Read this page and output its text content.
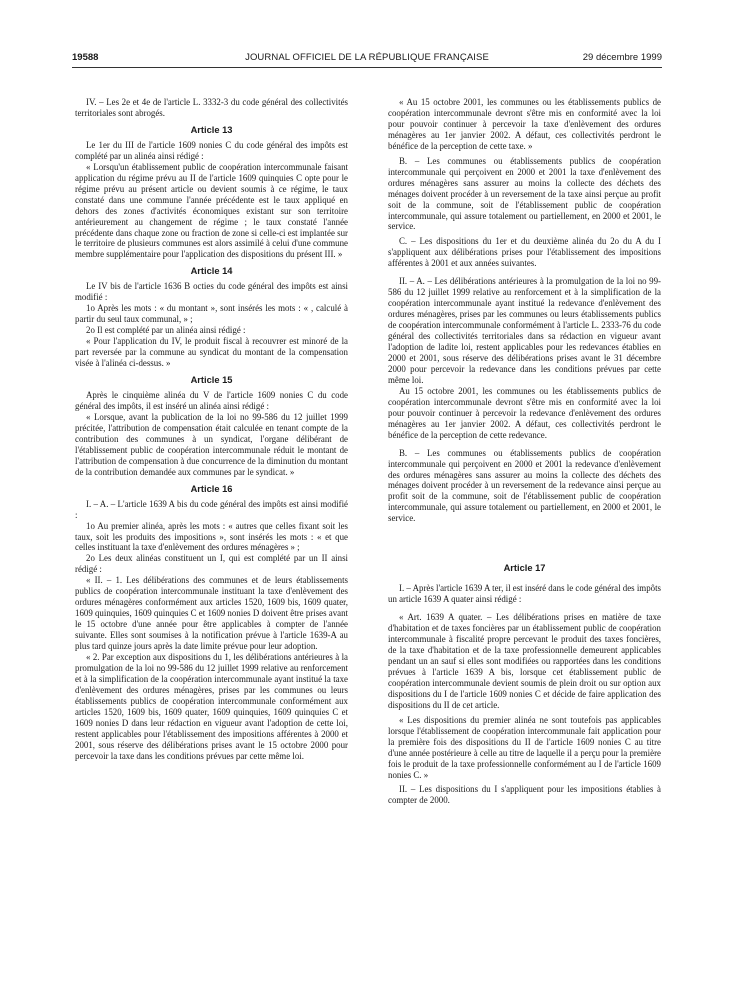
19588	JOURNAL OFFICIEL DE LA RÉPUBLIQUE FRANÇAISE	29 décembre 1999

IV. – Les 2e et 4e de l'article L. 3332-3 du code général des collectivités territoriales sont abrogés.

Article 13

Le 1er du III de l'article 1609 nonies C du code général des impôts est complété par un alinéa ainsi rédigé :

« Lorsqu'un établissement public de coopération intercommunale faisant application du régime prévu au II de l'article 1609 quinquies C opte pour le régime prévu au présent article ou devient soumis à ce régime, le taux constaté dans une commune l'année précédente est le taux appliqué en dehors des zones d'activités économiques existant sur son territoire antérieurement au changement de régime ; le taux constaté l'année précédente dans chaque zone ou fraction de zone si celle-ci est implantée sur le territoire de plusieurs communes est alors assimilé à celui d'une commune membre supplémentaire pour l'application des dispositions du présent III. »

Article 14

Le IV bis de l'article 1636 B octies du code général des impôts est ainsi modifié :

1o Après les mots : « du montant », sont insérés les mots : « , calculé à partir du seul taux communal, » ;

2o Il est complété par un alinéa ainsi rédigé :

« Pour l'application du IV, le produit fiscal à recouvrer est minoré de la part reversée par la commune au syndicat du montant de la compensation visée à l'alinéa ci-dessus. »

Article 15

Après le cinquième alinéa du V de l'article 1609 nonies C du code général des impôts, il est inséré un alinéa ainsi rédigé :

« Lorsque, avant la publication de la loi no 99-586 du 12 juillet 1999 précitée, l'attribution de compensation était calculée en tenant compte de la contribution des communes à un syndicat, l'organe délibérant de l'établissement public de coopération intercommunale réduit le montant de l'attribution de compensation à due concurrence de la diminution du montant de la contribution demandée aux communes par le syndicat. »

Article 16

I. – A. – L'article 1639 A bis du code général des impôts est ainsi modifié :

1o Au premier alinéa, après les mots : « autres que celles fixant soit les taux, soit les produits des impositions », sont insérés les mots : « et que celles instituant la taxe d'enlèvement des ordures ménagères » ;

2o Les deux alinéas constituent un I, qui est complété par un II ainsi rédigé :

« II. – 1. Les délibérations des communes et de leurs établissements publics de coopération intercommunale instituant la taxe d'enlèvement des ordures ménagères conformément aux articles 1520, 1609 bis, 1609 quater, 1609 quinquies, 1609 quinquies C et 1609 nonies D doivent être prises avant le 15 octobre d'une année pour être applicables à compter de l'année suivante. Elles sont soumises à la notification prévue à l'article 1639-A au plus tard quinze jours après la date limite prévue pour leur adoption.

« 2. Par exception aux dispositions du 1, les délibérations antérieures à la promulgation de la loi no 99-586 du 12 juillet 1999 relative au renforcement et à la simplification de la coopération intercommunale ayant institué la taxe d'enlèvement des ordures ménagères, prises par les communes ou leurs établissements publics de coopération intercommunale conformément aux articles 1520, 1609 bis, 1609 quater, 1609 quinquies, 1609 quinquies C et 1609 nonies D dans leur rédaction en vigueur avant l'adoption de cette loi, restent applicables pour l'établissement des impositions afférentes à 2000 et 2001, sous réserve des délibérations prises avant le 15 octobre 2000 pour percevoir la taxe dans les conditions prévues par cette même loi.

« Au 15 octobre 2001, les communes ou les établissements publics de coopération intercommunale devront s'être mis en conformité avec la loi pour pouvoir continuer à percevoir la taxe d'enlèvement des ordures ménagères au 1er janvier 2002. A défaut, ces collectivités perdront le bénéfice de la perception de cette taxe. »

B. – Les communes ou établissements publics de coopération intercommunale qui perçoivent en 2000 et 2001 la taxe d'enlèvement des ordures ménagères sans assurer au moins la collecte des déchets des ménages doivent procéder à un reversement de la taxe ainsi perçue au profit soit de la commune, soit de l'établissement public de coopération intercommunale, qui assure totalement ou partiellement, en 2000 et 2001, le service.

C. – Les dispositions du 1er et du deuxième alinéa du 2o du A du I s'appliquent aux délibérations prises pour l'établissement des impositions afférentes à 2001 et aux années suivantes.

II. – A. – Les délibérations antérieures à la promulgation de la loi no 99-586 du 12 juillet 1999 relative au renforcement et à la simplification de la coopération intercommunale ayant institué la redevance d'enlèvement des ordures ménagères, prises par les communes ou leurs établissements publics de coopération intercommunale conformément à l'article L. 2333-76 du code général des collectivités territoriales dans sa rédaction en vigueur avant l'adoption de ladite loi, restent applicables pour les redevances établies en 2000 et 2001, sous réserve des délibérations prises avant le 31 décembre 2000 pour percevoir la redevance dans les conditions prévues par cette même loi.

Au 15 octobre 2001, les communes ou les établissements publics de coopération intercommunale devront s'être mis en conformité avec la loi pour pouvoir continuer à percevoir la redevance d'enlèvement des ordures ménagères au 1er janvier 2002. A défaut, ces collectivités perdront le bénéfice de la perception de cette redevance.

B. – Les communes ou établissements publics de coopération intercommunale qui perçoivent en 2000 et 2001 la redevance d'enlèvement des ordures ménagères sans assurer au moins la collecte des déchets des ménages doivent procéder à un reversement de la redevance ainsi perçue au profit soit de la commune, soit de l'établissement public de coopération intercommunale, qui assure totalement ou partiellement, en 2000 et 2001, le service.

Article 17

I. – Après l'article 1639 A ter, il est inséré dans le code général des impôts un article 1639 A quater ainsi rédigé :

« Art. 1639 A quater. – Les délibérations prises en matière de taxe d'habitation et de taxes foncières par un établissement public de coopération intercommunale à fiscalité propre percevant le produit des taxes foncières, de la taxe d'habitation et de la taxe professionnelle demeurent applicables pendant un an sauf si elles sont modifiées ou rapportées dans les conditions prévues à l'article 1639 A bis, lorsque cet établissement public de coopération intercommunale devient soumis de plein droit ou sur option aux dispositions du I de l'article 1609 nonies C et décide de faire application des dispositions du II de cet article.

« Les dispositions du premier alinéa ne sont toutefois pas applicables lorsque l'établissement de coopération intercommunale fait application pour la première fois des dispositions du II de l'article 1609 nonies C au titre d'une année postérieure à celle au titre de laquelle il a perçu pour la première fois le produit de la taxe professionnelle conformément au I de l'article 1609 nonies C. »

II. – Les dispositions du I s'appliquent pour les impositions établies à compter de 2000.
